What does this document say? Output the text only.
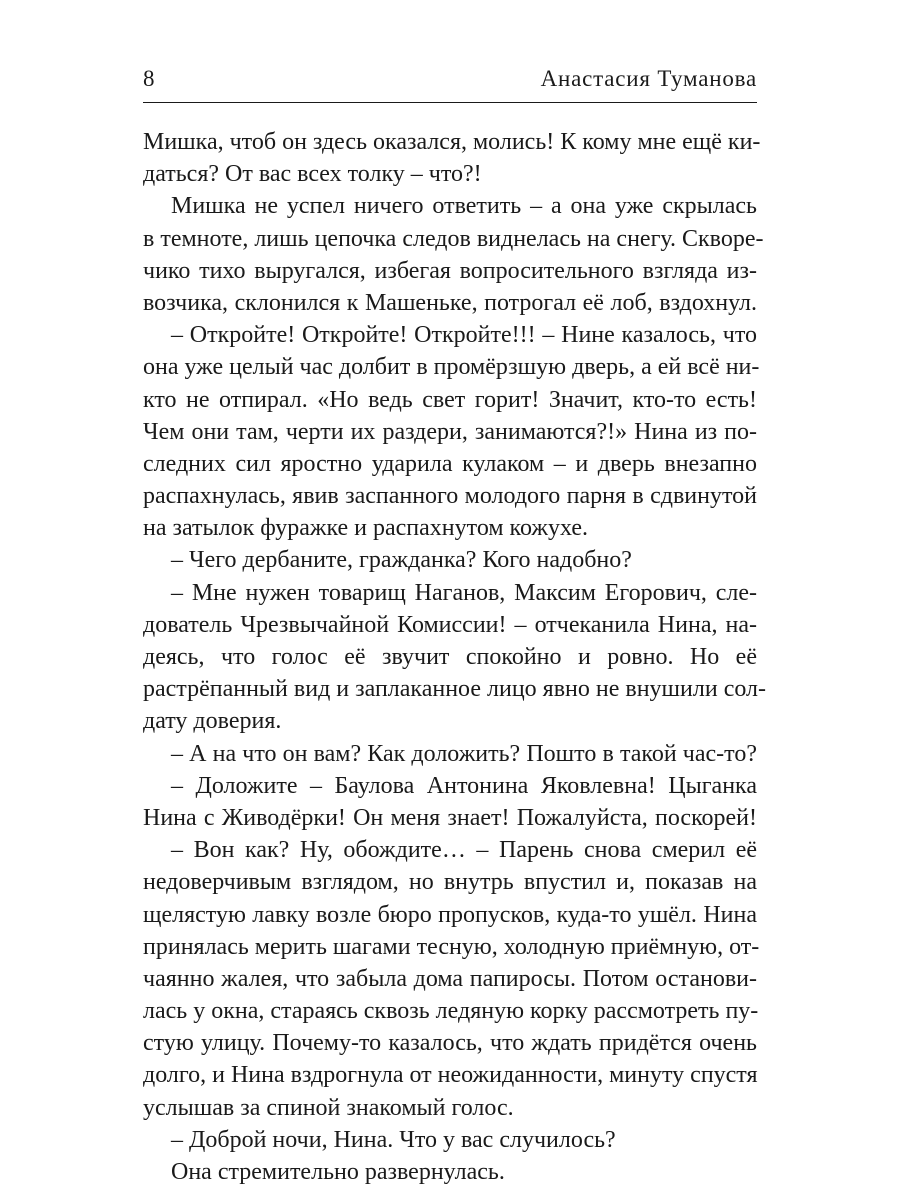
8	Анастасия Туманова
Мишка, чтоб он здесь оказался, молись! К кому мне ещё ки-
даться? От вас всех толку – что?!
Мишка не успел ничего ответить – а она уже скрылась
в темноте, лишь цепочка следов виднелась на снегу. Скворе-
чико тихо выругался, избегая вопросительного взгляда из-
возчика, склонился к Машеньке, потрогал её лоб, вздохнул.
– Откройте! Откройте! Откройте!!! – Нине казалось, что
она уже целый час долбит в промёрзшую дверь, а ей всё ни-
кто не отпирал. «Но ведь свет горит! Значит, кто-то есть!
Чем они там, черти их раздери, занимаются?!» Нина из по-
следних сил яростно ударила кулаком – и дверь внезапно
распахнулась, явив заспанного молодого парня в сдвинутой
на затылок фуражке и распахнутом кожухе.
– Чего дербаните, гражданка? Кого надобно?
– Мне нужен товарищ Наганов, Максим Егорович, сле-
дователь Чрезвычайной Комиссии! – отчеканила Нина, на-
деясь, что голос её звучит спокойно и ровно. Но её
растрёпанный вид и заплаканное лицо явно не внушили сол-
дату доверия.
– А на что он вам? Как доложить? Пошто в такой час-то?
– Доложите – Баулова Антонина Яковлевна! Цыганка
Нина с Живодёрки! Он меня знает! Пожалуйста, поскорей!
– Вон как? Ну, обождите… – Парень снова смерил её
недоверчивым взглядом, но внутрь впустил и, показав на
щелястую лавку возле бюро пропусков, куда-то ушёл. Нина
принялась мерить шагами тесную, холодную приёмную, от-
чаянно жалея, что забыла дома папиросы. Потом останови-
лась у окна, стараясь сквозь ледяную корку рассмотреть пу-
стую улицу. Почему-то казалось, что ждать придётся очень
долго, и Нина вздрогнула от неожиданности, минуту спустя
услышав за спиной знакомый голос.
– Доброй ночи, Нина. Что у вас случилось?
Она стремительно развернулась.
